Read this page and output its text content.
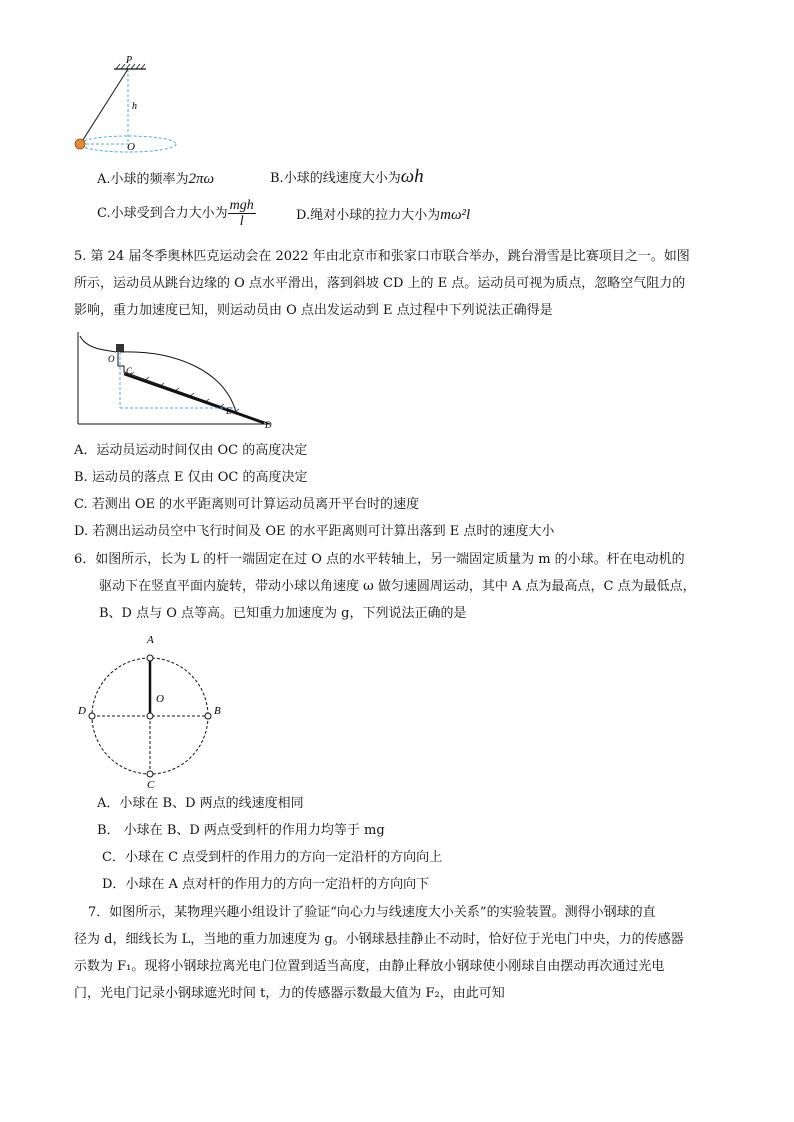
P
h
O
A.小球的频率为2πω	B.小球的线速度大小为ωh
C.小球受到合力大小为 $\frac{\text{mgh}}{l}$	D.绳对小球的拉力大小为mω²l
5. 第 24 届冬季奥林匹克运动会在 2022 年由北京市和张家口市联合举办，跳台滑雪是比赛项目之一。如图
所示，运动员从跳台边缘的 O 点水平滑出，落到斜坡 CD 上的 E 点。运动员可视为质点，忽略空气阻力的
影响，重力加速度已知，则运动员由 O 点出发运动到 E 点过程中下列说法正确得是
O
C
E
D
A．运动员运动时间仅由 OC 的高度决定
B. 运动员的落点 E 仅由 OC 的高度决定
C. 若测出 OE 的水平距离则可计算运动员离开平台时的速度
D. 若测出运动员空中飞行时间及 OE 的水平距离则可计算出落到 E 点时的速度大小
6．如图所示，长为 L 的杆一端固定在过 O 点的水平转轴上，另一端固定质量为 m 的小球。杆在电动机的
驱动下在竖直平面内旋转，带动小球以角速度 ω 做匀速圆周运动，其中 A 点为最高点，C 点为最低点，
B、D 点与 O 点等高。已知重力加速度为 g，下列说法正确的是
A
O
D	B
C
A．小球在 B、D 两点的线速度相同
B． 小球在 B、D 两点受到杆的作用力均等于 mg
C．小球在 C 点受到杆的作用力的方向一定沿杆的方向向上
D．小球在 A 点对杆的作用力的方向一定沿杆的方向向下
7．如图所示，某物理兴趣小组设计了验证“向心力与线速度大小关系”的实验装置。测得小钢球的直
径为 d，细线长为 L，当地的重力加速度为 g。小钢球悬挂静止不动时，恰好位于光电门中央，力的传感器
示数为 F₁。现将小钢球拉离光电门位置到适当高度，由静止释放小钢球使小刚球自由摆动再次通过光电
门，光电门记录小钢球遮光时间 t，力的传感器示数最大值为 F₂，由此可知
